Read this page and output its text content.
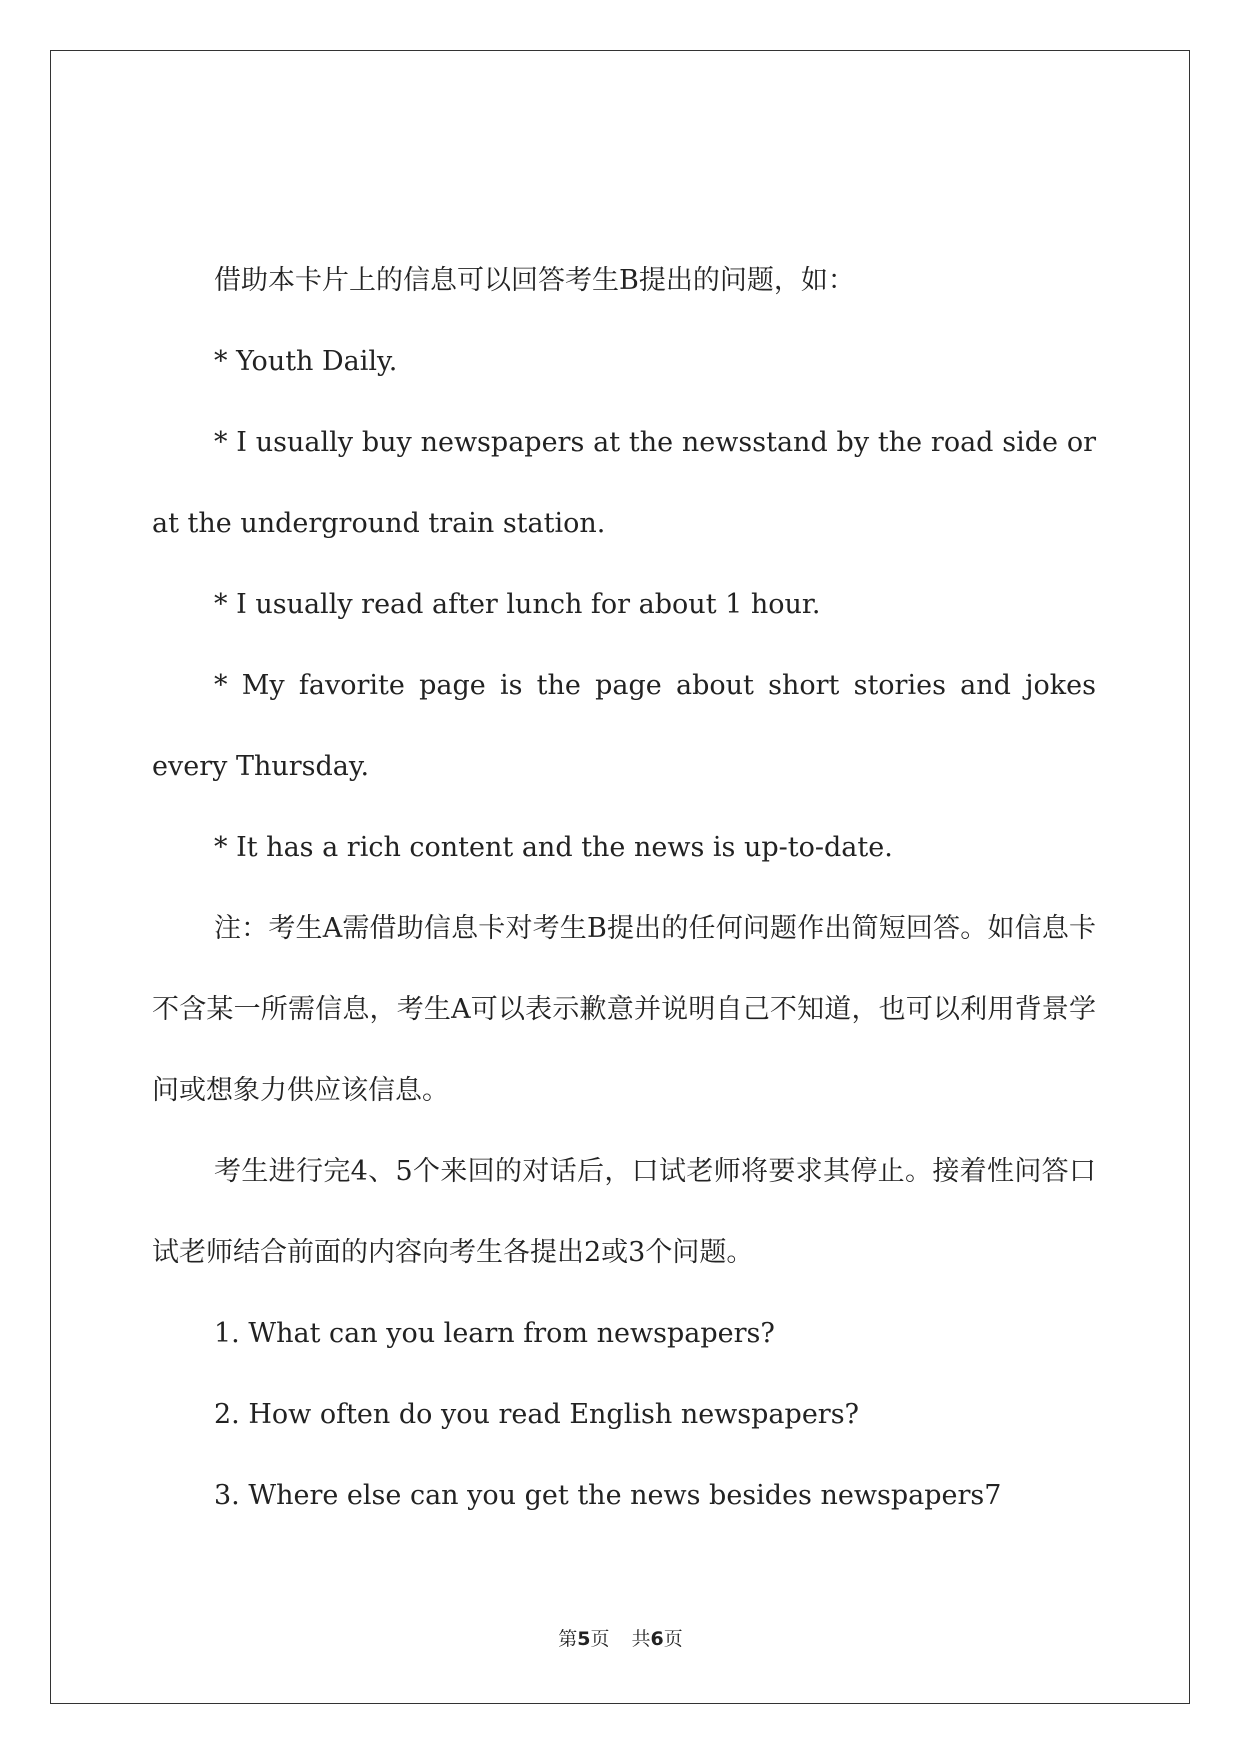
借助本卡片上的信息可以回答考生B提出的问题，如：

* Youth Daily.

* I usually buy newspapers at the newsstand by the road side or at the underground train station.

* I usually read after lunch for about 1 hour.

* My favorite page is the page about short stories and jokes every Thursday.

* It has a rich content and the news is up-to-date.

注：考生A需借助信息卡对考生B提出的任何问题作出简短回答。如信息卡不含某一所需信息，考生A可以表示歉意并说明自己不知道，也可以利用背景学问或想象力供应该信息。

考生进行完4、5个来回的对话后，口试老师将要求其停止。接着性问答口试老师结合前面的内容向考生各提出2或3个问题。

1. What can you learn from newspapers?

2. How often do you read English newspapers?

3. Where else can you get the news besides newspapers7

第5页 共6页
